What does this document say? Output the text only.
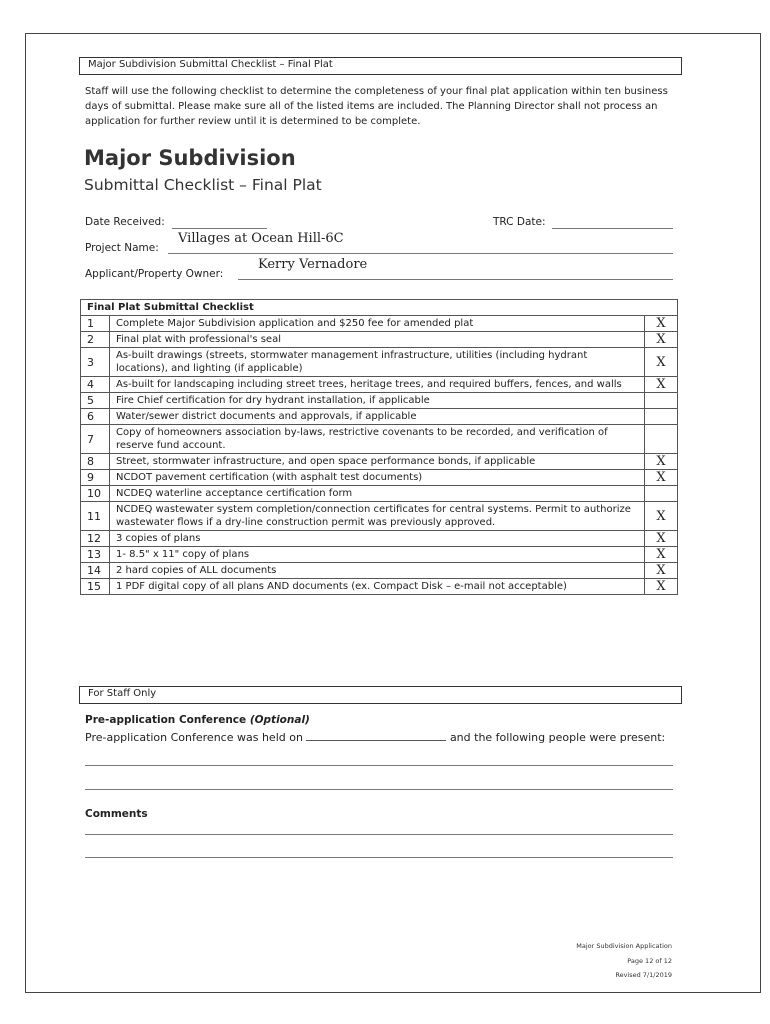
Major Subdivision Submittal Checklist – Final Plat

Staff will use the following checklist to determine the completeness of your final plat application within ten business days of submittal. Please make sure all of the listed items are included. The Planning Director shall not process an application for further review until it is determined to be complete.

Major Subdivision
Submittal Checklist – Final Plat
Date Received:	TRC Date:
Project Name:
Villages at Ocean Hill-6C
Applicant/Property Owner:
Kerry Vernadore
Final Plat Submittal Checklist		
1	Complete Major Subdivision application and $250 fee for amended plat	X
2	Final plat with professional's seal	X
3	As-built drawings (streets, stormwater management infrastructure, utilities (including hydrant locations), and lighting (if applicable)	X
4	As-built for landscaping including street trees, heritage trees, and required buffers, fences, and walls	X
5	Fire Chief certification for dry hydrant installation, if applicable	
6	Water/sewer district documents and approvals, if applicable	
7	Copy of homeowners association by-laws, restrictive covenants to be recorded, and verification of reserve fund account.	
8	Street, stormwater infrastructure, and open space performance bonds, if applicable	X
9	NCDOT pavement certification (with asphalt test documents)	X
10	NCDEQ waterline acceptance certification form	
11	NCDEQ wastewater system completion/connection certificates for central systems. Permit to authorize wastewater flows if a dry-line construction permit was previously approved.	X
12	3 copies of plans	X
13	1- 8.5" x 11" copy of plans	X
14	2 hard copies of ALL documents	X
15	1 PDF digital copy of all plans AND documents (ex. Compact Disk – e-mail not acceptable)	X
For Staff Only
Pre-application Conference (Optional)
Pre-application Conference was held on	and the following people were present:
Comments
Major Subdivision Application
Page 12 of 12
Revised 7/1/2019
